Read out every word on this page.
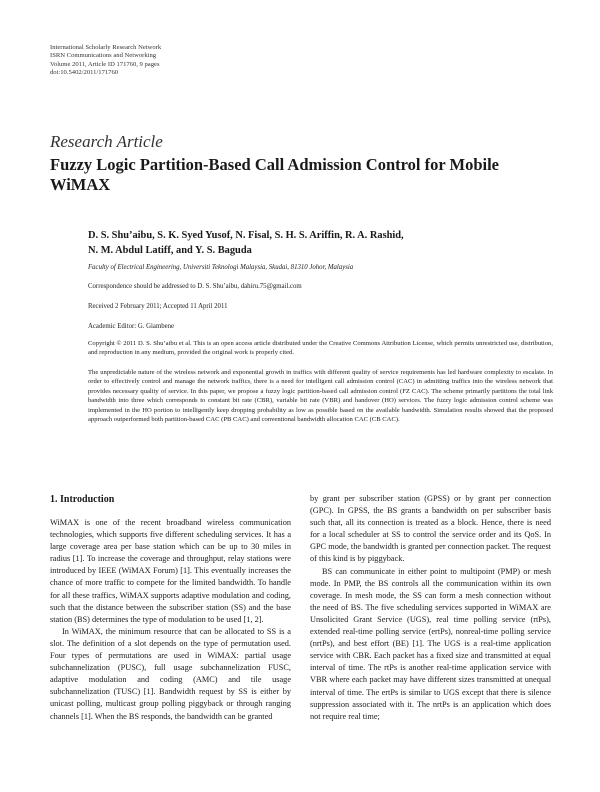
International Scholarly Research Network
ISRN Communications and Networking
Volume 2011, Article ID 171760, 9 pages
doi:10.5402/2011/171760
Research Article
Fuzzy Logic Partition-Based Call Admission Control for Mobile WiMAX
D. S. Shu’aibu, S. K. Syed Yusof, N. Fisal, S. H. S. Ariffin, R. A. Rashid,
N. M. Abdul Latiff, and Y. S. Baguda
Faculty of Electrical Engineering, Universiti Teknologi Malaysia, Skudai, 81310 Johor, Malaysia
Correspondence should be addressed to D. S. Shu’aibu, dahiru.75@gmail.com
Received 2 February 2011; Accepted 11 April 2011
Academic Editor: G. Giambene
Copyright © 2011 D. S. Shu’aibu et al. This is an open access article distributed under the Creative Commons Attribution License, which permits unrestricted use, distribution, and reproduction in any medium, provided the original work is properly cited.
The unpredictable nature of the wireless network and exponential growth in traffics with different quality of service requirements has led hardware complexity to escalate. In order to effectively control and manage the network traffics, there is a need for intelligent call admission control (CAC) in admitting traffics into the wireless network that provides necessary quality of service. In this paper, we propose a fuzzy logic partition-based call admission control (FZ CAC). The scheme primarily partitions the total link bandwidth into three which corresponds to constant bit rate (CBR), variable bit rate (VBR) and handover (HO) services. The fuzzy logic admission control scheme was implemented in the HO portion to intelligently keep dropping probability as low as possible based on the available bandwidth. Simulation results showed that the proposed approach outperformed both partition-based CAC (PB CAC) and conventional bandwidth allocation CAC (CB CAC).
1. Introduction

WiMAX is one of the recent broadband wireless communication technologies, which supports five different scheduling services. It has a large coverage area per base station which can be up to 30 miles in radius [1]. To increase the coverage and throughput, relay stations were introduced by IEEE (WiMAX Forum) [1]. This eventually increases the chance of more traffic to compete for the limited bandwidth. To handle for all these traffics, WiMAX supports adaptive modulation and coding, such that the distance between the subscriber station (SS) and the base station (BS) determines the type of modulation to be used [1, 2].

In WiMAX, the minimum resource that can be allocated to SS is a slot. The definition of a slot depends on the type of permutation used. Four types of permutations are used in WiMAX: partial usage subchannelization (PUSC), full usage subchannelization FUSC, adaptive modulation and coding (AMC) and tile usage subchannelization (TUSC) [1]. Bandwidth request by SS is either by unicast polling, multicast group polling piggyback or through ranging channels [1]. When the BS responds, the bandwidth can be granted

by grant per subscriber station (GPSS) or by grant per connection (GPC). In GPSS, the BS grants a bandwidth on per subscriber basis such that, all its connection is treated as a block. Hence, there is need for a local scheduler at SS to control the service order and its QoS. In GPC mode, the bandwidth is granted per connection packet. The request of this kind is by piggyback.

BS can communicate in either point to multipoint (PMP) or mesh mode. In PMP, the BS controls all the communication within its own coverage. In mesh mode, the SS can form a mesh connection without the need of BS. The five scheduling services supported in WiMAX are Unsolicited Grant Service (UGS), real time polling service (rtPs), extended real-time polling service (ertPs), nonreal-time polling service (nrtPs), and best effort (BE) [1]. The UGS is a real-time application service with CBR. Each packet has a fixed size and transmitted at equal interval of time. The rtPs is another real-time application service with VBR where each packet may have different sizes transmitted at unequal interval of time. The ertPs is similar to UGS except that there is silence suppression associated with it. The nrtPs is an application which does not require real time;
